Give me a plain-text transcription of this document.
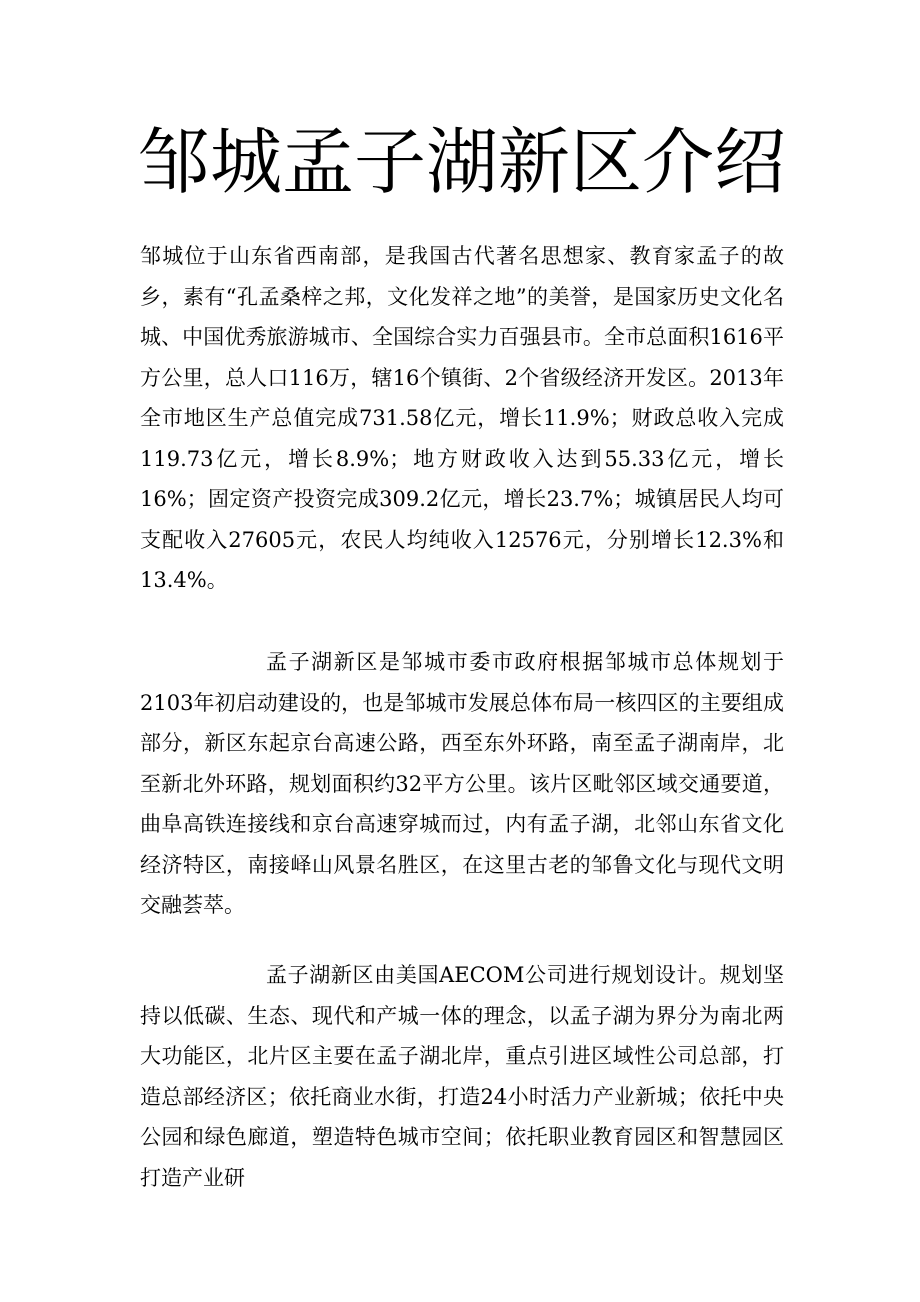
邹城孟子湖新区介绍

邹城位于山东省西南部，是我国古代著名思想家、教育家孟子的故乡，素有“孔孟桑梓之邦，文化发祥之地”的美誉，是国家历史文化名城、中国优秀旅游城市、全国综合实力百强县市。全市总面积1616平方公里，总人口116万，辖16个镇街、2个省级经济开发区。2013年全市地区生产总值完成731.58亿元，增长11.9%；财政总收入完成119.73亿元，增长8.9%；地方财政收入达到55.33亿元，增长16%；固定资产投资完成309.2亿元，增长23.7%；城镇居民人均可支配收入27605元，农民人均纯收入12576元，分别增长12.3%和13.4%。

孟子湖新区是邹城市委市政府根据邹城市总体规划于2103年初启动建设的，也是邹城市发展总体布局一核四区的主要组成部分，新区东起京台高速公路，西至东外环路，南至孟子湖南岸，北至新北外环路，规划面积约32平方公里。该片区毗邻区域交通要道，曲阜高铁连接线和京台高速穿城而过，内有孟子湖，北邻山东省文化经济特区，南接峄山风景名胜区，在这里古老的邹鲁文化与现代文明交融荟萃。

孟子湖新区由美国AECOM公司进行规划设计。规划坚持以低碳、生态、现代和产城一体的理念，以孟子湖为界分为南北两大功能区，北片区主要在孟子湖北岸，重点引进区域性公司总部，打造总部经济区；依托商业水街，打造24小时活力产业新城；依托中央公园和绿色廊道，塑造特色城市空间；依托职业教育园区和智慧园区打造产业研
